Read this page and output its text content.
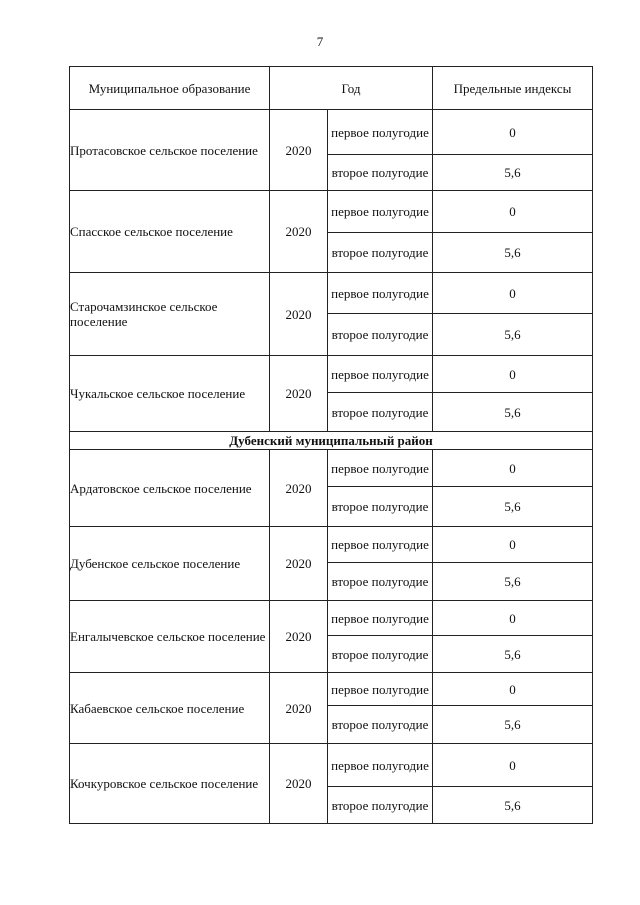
7
Муниципальное образование	Год		Предельные индексы
Протасовское сельское поселение	2020	первое полугодие	0
		второе полугодие	5,6
Спасское сельское поселение	2020	первое полугодие	0
		второе полугодие	5,6
Старочамзинское сельское поселение	2020	первое полугодие	0
		второе полугодие	5,6
Чукальское сельское поселение	2020	первое полугодие	0
		второе полугодие	5,6
Дубенский муниципальный район			
Ардатовское сельское поселение	2020	первое полугодие	0
		второе полугодие	5,6
Дубенское сельское поселение	2020	первое полугодие	0
		второе полугодие	5,6
Енгалычевское сельское поселение	2020	первое полугодие	0
		второе полугодие	5,6
Кабаевское сельское поселение	2020	первое полугодие	0
		второе полугодие	5,6
Кочкуровское сельское поселение	2020	первое полугодие	0
		второе полугодие	5,6
